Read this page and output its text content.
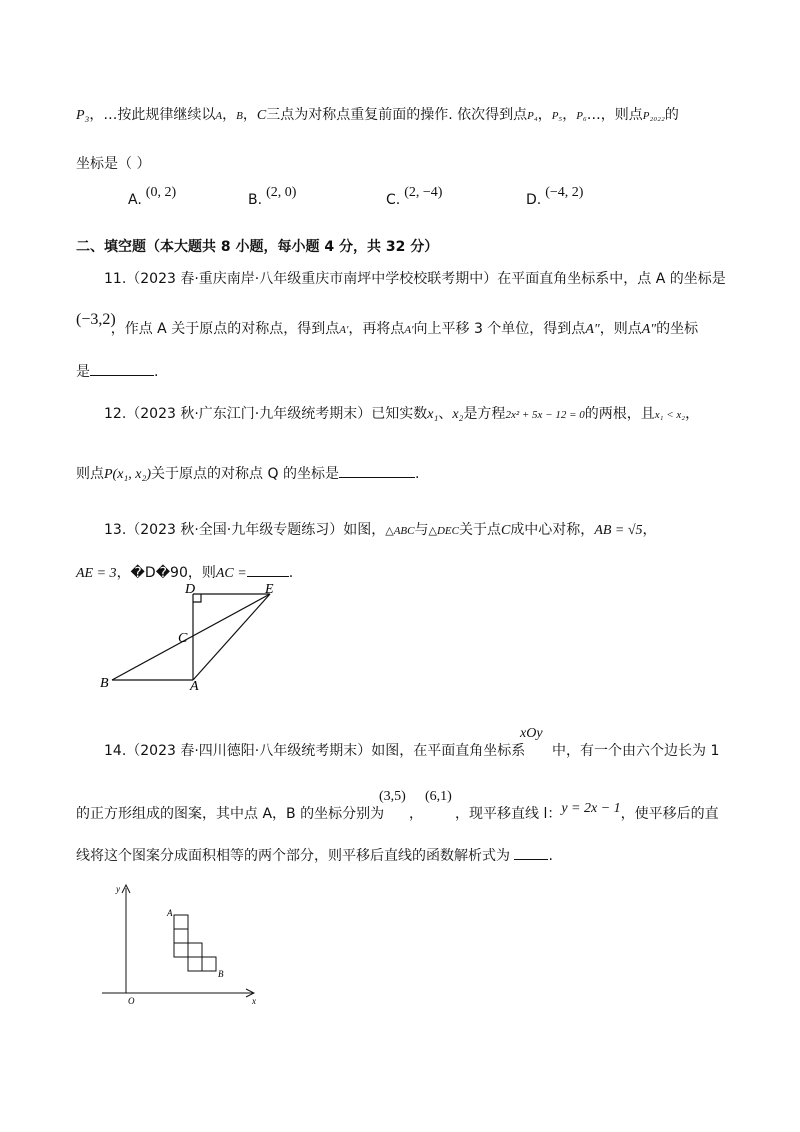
P₃，…按此规律继续以A，B，C三点为对称点重复前面的操作. 依次得到点P₄，P₅，P₆…，则点P₂₀₂₂的
坐标是（ ）
A. (0, 2)	B. (2, 0)	C. (2, −4)	D. (−4, 2)
二、填空题（本大题共 8 小题，每小题 4 分，共 32 分）
11.（2023 春·重庆南岸·八年级重庆市南坪中学校校联考期中）在平面直角坐标系中，点 A 的坐标是
(−3,2)
，作点 A 关于原点的对称点，得到点A′，再将点A′向上平移 3 个单位，得到点A″，则点A″的坐标
是	.
12.（2023 秋·广东江门·九年级统考期末）已知实数x₁、x₂是方程2x² + 5x − 12 = 0的两根，且x₁ < x₂，
则点P(x₁, x₂)关于原点的对称点 Q 的坐标是	.
13.（2023 秋·全国·九年级专题练习）如图，△ABC与△DEC关于点C成中心对称，AB = √5，
AE = 3，�D�90，则AC =	.
D	E
C
B	A
14.（2023 春·四川德阳·八年级统考期末）如图，在平面直角坐标系
xOy
中，有一个由六个边长为 1
的正方形组成的图案，其中点 A，B 的坐标分别为
(3,5)
，
(6,1)
，现平移直线 l：y = 2x − 1，使平移后的直
线将这个图案分成面积相等的两个部分，则平移后直线的函数解析式为	.
y
x
O
A
B
